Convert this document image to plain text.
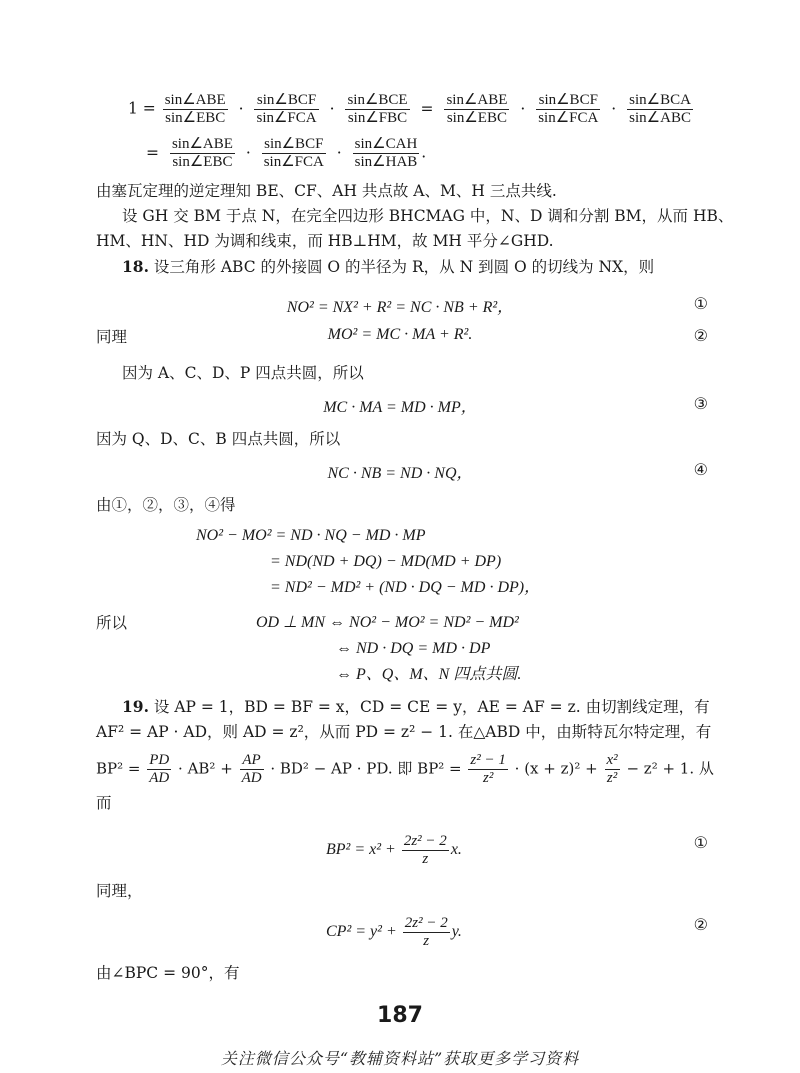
$1 = \frac{\text{sin∠ABE}}{\text{sin∠EBC}} \cdot \frac{\text{sin∠BCF}}{\text{sin∠FCA}} \cdot \frac{\text{sin∠BCE}}{\text{sin∠FBC}} = \frac{\text{sin∠ABE}}{\text{sin∠EBC}} \cdot \frac{\text{sin∠BCF}}{\text{sin∠FCA}} \cdot \frac{\text{sin∠BCA}}{\text{sin∠ABC}}$
= $\frac{\text{sin∠ABE}}{\text{sin∠EBC}} \cdot \frac{\text{sin∠BCF}}{\text{sin∠FCA}} \cdot \frac{\text{sin∠CAH}}{\text{sin∠HAB}}$ .
由塞瓦定理的逆定理知 BE、CF、AH 共点故 A、M、H 三点共线.
设 GH 交 BM 于点 N，在完全四边形 BHCMAG 中，N、D 调和分割 BM，从而 HB、
HM、HN、HD 为调和线束，而 HB⊥HM，故 MH 平分∠GHD.
18. 设三角形 ABC 的外接圆 O 的半径为 R，从 N 到圆 O 的切线为 NX，则
NO² = NX² + R² = NC · NB + R²，	①
同理	MO² = MC · MA + R².	②
因为 A、C、D、P 四点共圆，所以
MC · MA = MD · MP，	③
因为 Q、D、C、B 四点共圆，所以
NC · NB = ND · NQ，	④
由①，②，③，④得
NO² − MO² = ND · NQ − MD · MP
= ND(ND + DQ) − MD(MD + DP)
= ND² − MD² + (ND · DQ − MD · DP)，
所以	OD ⊥ MN ⇔ NO² − MO² = ND² − MD²
⇔ ND · DQ = MD · DP
⇔ P、Q、M、N 四点共圆.
19. 设 AP = 1，BD = BF = x，CD = CE = y，AE = AF = z. 由切割线定理，有
AF² = AP · AD，则 AD = z²，从而 PD = z² − 1. 在△ABD 中，由斯特瓦尔特定理，有
$BP^2 = \frac{PD}{AD} \cdot AB^2 + \frac{AP}{AD} \cdot BD^2$ − AP · PD. 即 $BP^2 = \frac{\text{z² − 1}}{\text{z²}} \cdot (x + z)^2 + \frac{\text{x²}}{\text{z²}} - z^2 + 1$. 从
而
$BP^2 = x^2 + \frac{\text{2z² − 2}}{z} x$.	①
同理，
$CP^2 = y^2 + \frac{\text{2z² − 2}}{z} y$.	②
由∠BPC = 90°，有
187
关注微信公众号“教辅资料站”获取更多学习资料
